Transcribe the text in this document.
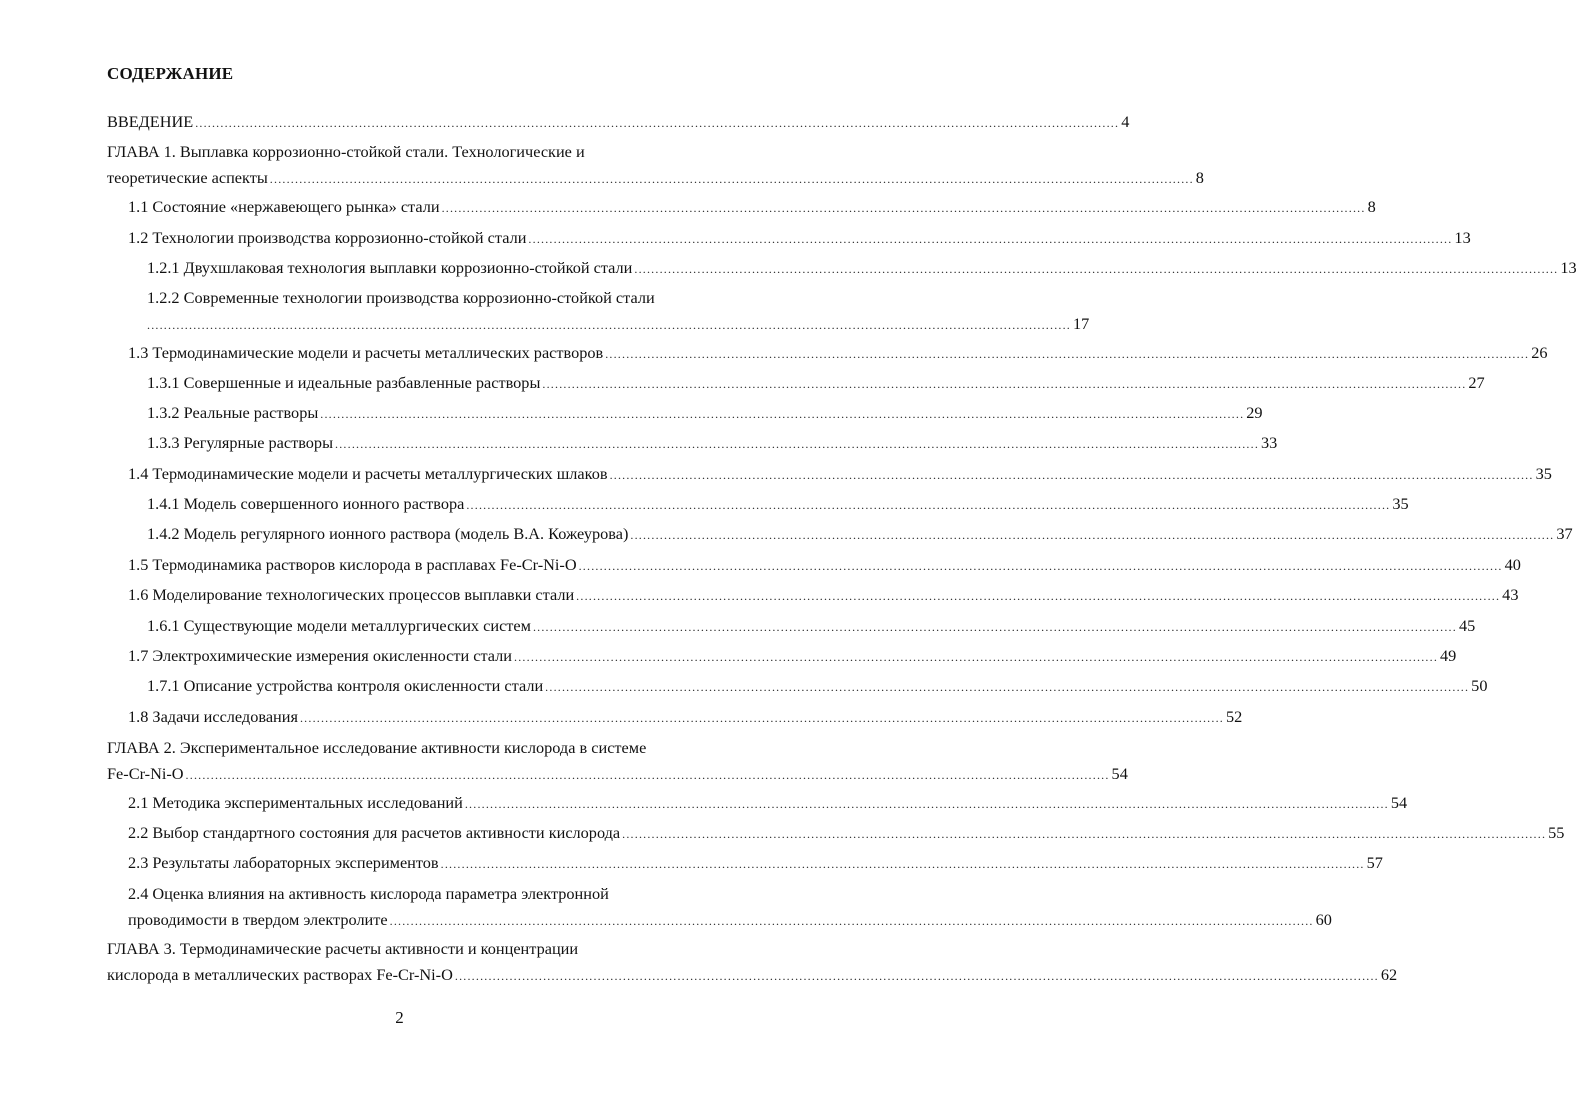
СОДЕРЖАНИЕ
ВВЕДЕНИЕ ............................................................................................................................................................................................................................ 4
ГЛАВА 1. Выплавка коррозионно-стойкой стали. Технологические и
теоретические аспекты ............................................................................................................................................................................................................................ 8
1.1 Состояние «нержавеющего рынка» стали ............................................................................................................................................................................................................................ 8
1.2 Технологии производства коррозионно-стойкой стали ............................................................................................................................................................................................................................ 13
1.2.1 Двухшлаковая технология выплавки коррозионно-стойкой стали ............................................................................................................................................................................................................................ 13
1.2.2 Современные технологии производства коррозионно-стойкой стали
............................................................................................................................................................................................................................ 17
1.3 Термодинамические модели и расчеты металлических растворов ............................................................................................................................................................................................................................ 26
1.3.1 Совершенные и идеальные разбавленные растворы ............................................................................................................................................................................................................................ 27
1.3.2 Реальные растворы ............................................................................................................................................................................................................................ 29
1.3.3 Регулярные растворы ............................................................................................................................................................................................................................ 33
1.4 Термодинамические модели и расчеты металлургических шлаков ............................................................................................................................................................................................................................ 35
1.4.1 Модель совершенного ионного раствора ............................................................................................................................................................................................................................ 35
1.4.2 Модель регулярного ионного раствора (модель В.А. Кожеурова) ............................................................................................................................................................................................................................ 37
1.5 Термодинамика растворов кислорода в расплавах Fe-Cr-Ni-O ............................................................................................................................................................................................................................ 40
1.6 Моделирование технологических процессов выплавки стали ............................................................................................................................................................................................................................ 43
1.6.1 Существующие модели металлургических систем ............................................................................................................................................................................................................................ 45
1.7 Электрохимические измерения окисленности стали ............................................................................................................................................................................................................................ 49
1.7.1 Описание устройства контроля окисленности стали ............................................................................................................................................................................................................................ 50
1.8 Задачи исследования ............................................................................................................................................................................................................................ 52
ГЛАВА 2. Экспериментальное исследование активности кислорода в системе
Fe-Cr-Ni-O ............................................................................................................................................................................................................................ 54
2.1 Методика экспериментальных исследований ............................................................................................................................................................................................................................ 54
2.2 Выбор стандартного состояния для расчетов активности кислорода ............................................................................................................................................................................................................................ 55
2.3 Результаты лабораторных экспериментов ............................................................................................................................................................................................................................ 57
2.4 Оценка влияния на активность кислорода параметра электронной
проводимости в твердом электролите ............................................................................................................................................................................................................................ 60
ГЛАВА 3. Термодинамические расчеты активности и концентрации
кислорода в металлических растворах Fe-Cr-Ni-O ............................................................................................................................................................................................................................ 62
2
